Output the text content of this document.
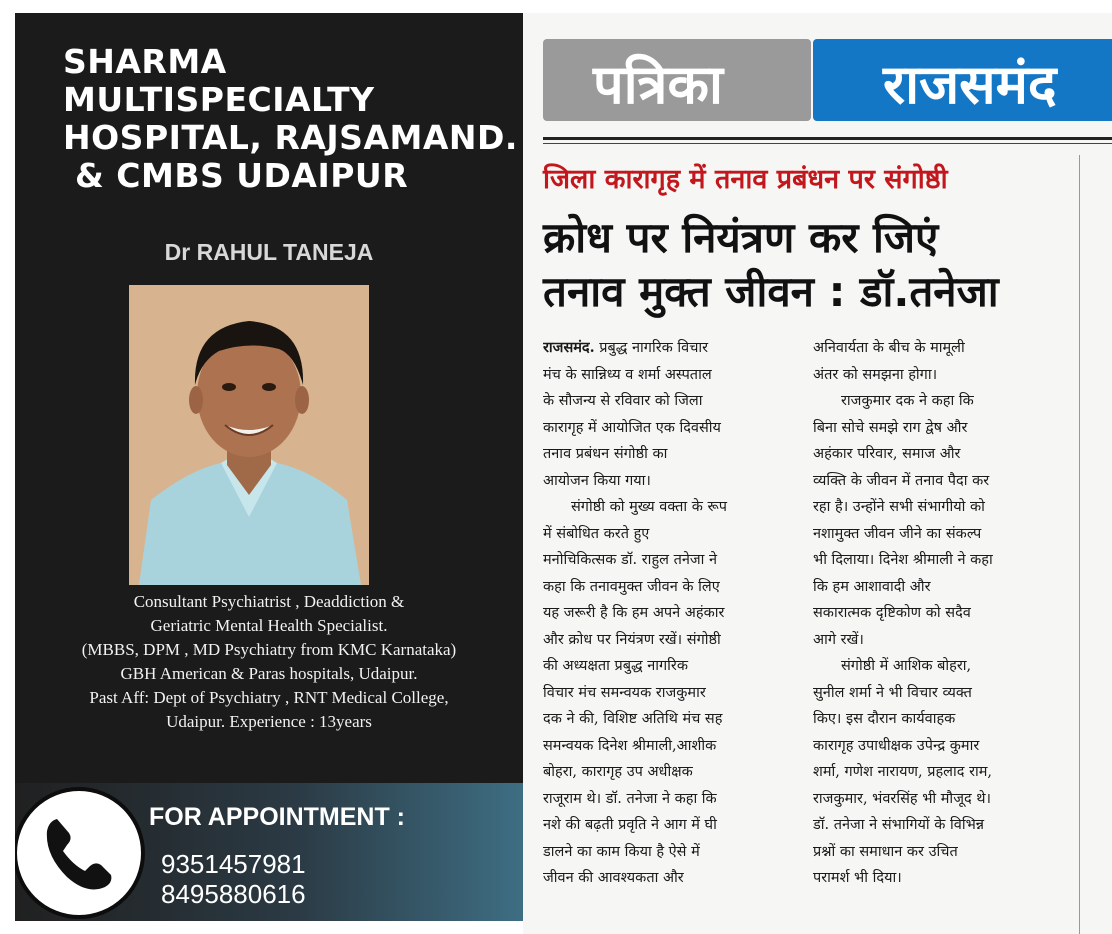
SHARMA
MULTISPECIALTY
HOSPITAL, RAJSAMAND.
& CMBS UDAIPUR
Dr RAHUL TANEJA
Consultant Psychiatrist , Deaddiction &
Geriatric Mental Health Specialist.
(MBBS, DPM , MD Psychiatry from KMC Karnataka)
GBH American & Paras hospitals, Udaipur.
Past Aff: Dept of Psychiatry , RNT Medical College,
Udaipur. Experience : 13years
FOR APPOINTMENT :
9351457981
8495880616
पत्रिका	राजसमंद
जिला कारागृह में तनाव प्रबंधन पर संगोष्ठी
क्रोध पर नियंत्रण कर जिएं
तनाव मुक्त जीवन : डॉ.तनेजा
राजसमंद. प्रबुद्ध नागरिक विचार
मंच के सान्निध्य व शर्मा अस्पताल
के सौजन्य से रविवार को जिला
कारागृह में आयोजित एक दिवसीय
तनाव प्रबंधन संगोष्ठी का
आयोजन किया गया।
संगोष्ठी को मुख्य वक्ता के रूप
में संबोधित करते हुए
मनोचिकित्सक डॉ. राहुल तनेजा ने
कहा कि तनावमुक्त जीवन के लिए
यह जरूरी है कि हम अपने अहंकार
और क्रोध पर नियंत्रण रखें। संगोष्ठी
की अध्यक्षता प्रबुद्ध नागरिक
विचार मंच समन्वयक राजकुमार
दक ने की, विशिष्ट अतिथि मंच सह
समन्वयक दिनेश श्रीमाली,आशीक
बोहरा, कारागृह उप अधीक्षक
राजूराम थे। डॉ. तनेजा ने कहा कि
नशे की बढ़ती प्रवृति ने आग में घी
डालने का काम किया है ऐसे में
जीवन की आवश्यकता और
अनिवार्यता के बीच के मामूली
अंतर को समझना होगा।
राजकुमार दक ने कहा कि
बिना सोचे समझे राग द्वेष और
अहंकार परिवार, समाज और
व्यक्ति के जीवन में तनाव पैदा कर
रहा है। उन्होंने सभी संभागीयो को
नशामुक्त जीवन जीने का संकल्प
भी दिलाया। दिनेश श्रीमाली ने कहा
कि हम आशावादी और
सकारात्मक दृष्टिकोण को सदैव
आगे रखें।
संगोष्ठी में आशिक बोहरा,
सुनील शर्मा ने भी विचार व्यक्त
किए। इस दौरान कार्यवाहक
कारागृह उपाधीक्षक उपेन्द्र कुमार
शर्मा, गणेश नारायण, प्रहलाद राम,
राजकुमार, भंवरसिंह भी मौजूद थे।
डॉ. तनेजा ने संभागियों के विभिन्न
प्रश्नों का समाधान कर उचित
परामर्श भी दिया।
